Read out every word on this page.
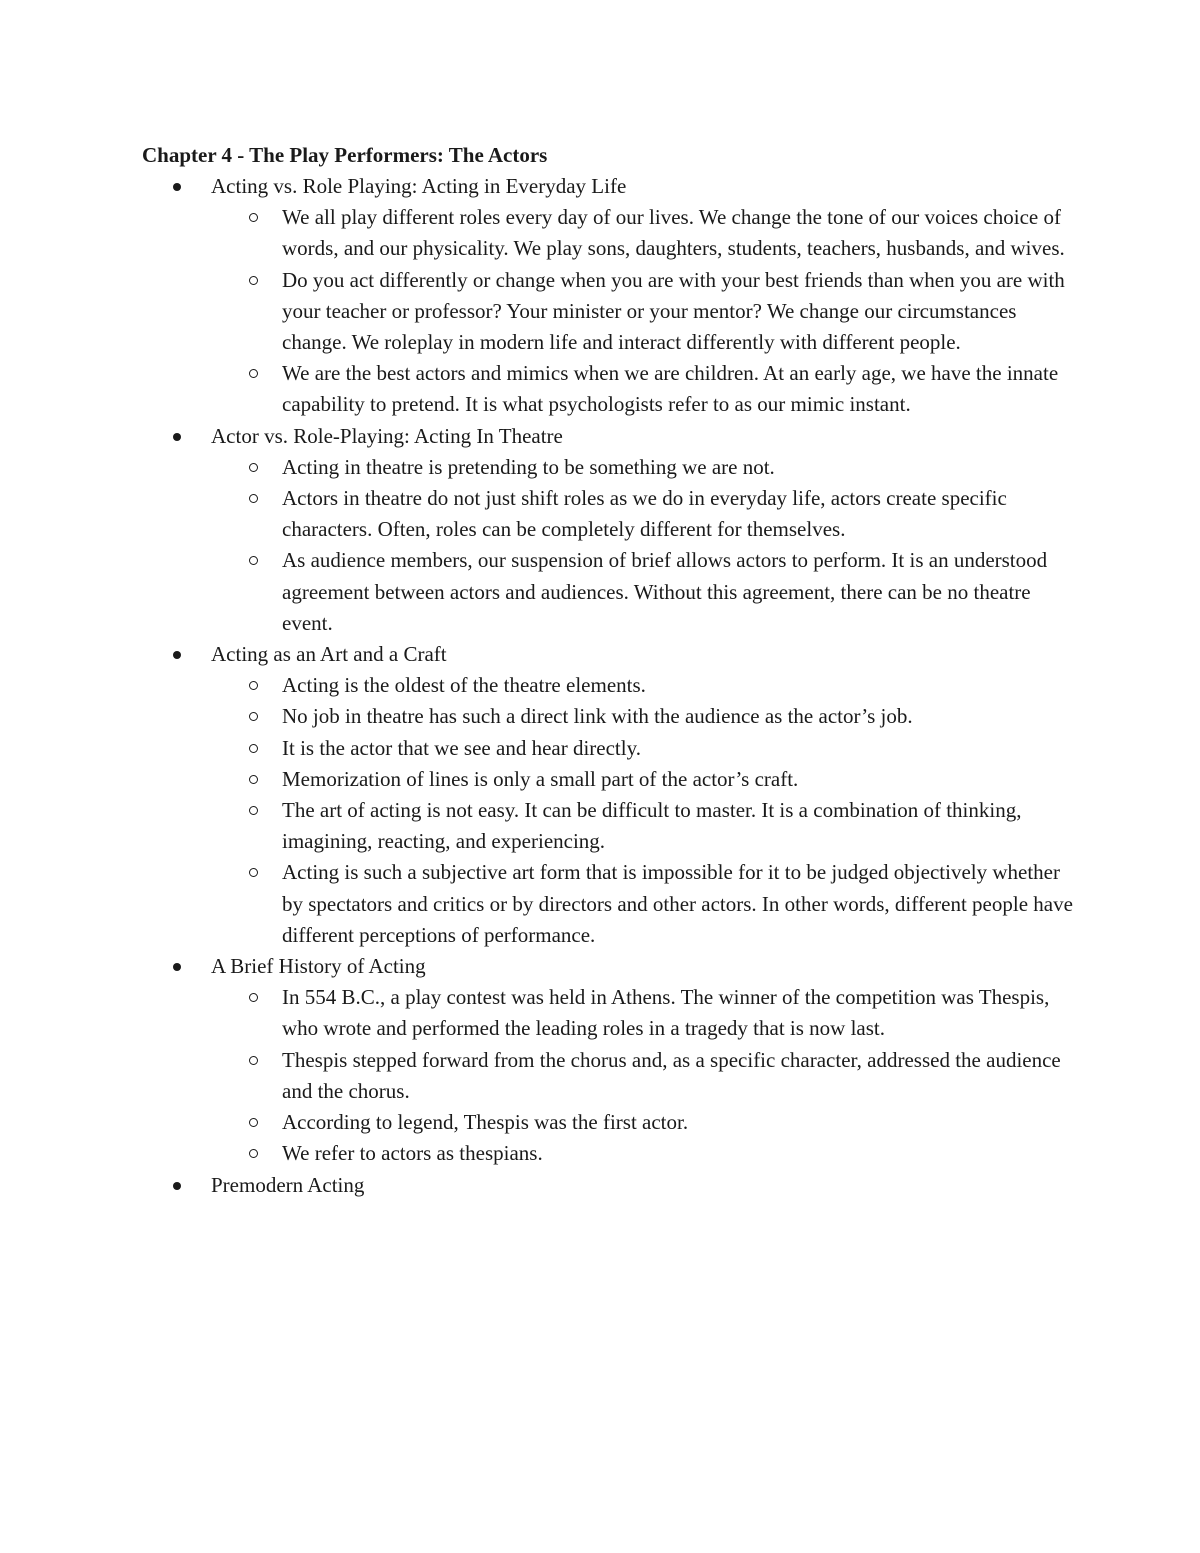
Chapter 4 - The Play Performers: The Actors
Acting vs. Role Playing: Acting in Everyday Life
We all play different roles every day of our lives. We change the tone of our voices choice of words, and our physicality. We play sons, daughters, students, teachers, husbands, and wives.
Do you act differently or change when you are with your best friends than when you are with your teacher or professor? Your minister or your mentor? We change our circumstances change. We roleplay in modern life and interact differently with different people.
We are the best actors and mimics when we are children. At an early age, we have the innate capability to pretend. It is what psychologists refer to as our mimic instant.
Actor vs. Role-Playing: Acting In Theatre
Acting in theatre is pretending to be something we are not.
Actors in theatre do not just shift roles as we do in everyday life, actors create specific characters. Often, roles can be completely different for themselves.
As audience members, our suspension of brief allows actors to perform. It is an understood agreement between actors and audiences. Without this agreement, there can be no theatre event.
Acting as an Art and a Craft
Acting is the oldest of the theatre elements.
No job in theatre has such a direct link with the audience as the actor’s job.
It is the actor that we see and hear directly.
Memorization of lines is only a small part of the actor’s craft.
The art of acting is not easy. It can be difficult to master. It is a combination of thinking, imagining, reacting, and experiencing.
Acting is such a subjective art form that is impossible for it to be judged objectively whether by spectators and critics or by directors and other actors. In other words, different people have different perceptions of performance.
A Brief History of Acting
In 554 B.C., a play contest was held in Athens. The winner of the competition was Thespis, who wrote and performed the leading roles in a tragedy that is now last.
Thespis stepped forward from the chorus and, as a specific character, addressed the audience and the chorus.
According to legend, Thespis was the first actor.
We refer to actors as thespians.
Premodern Acting
